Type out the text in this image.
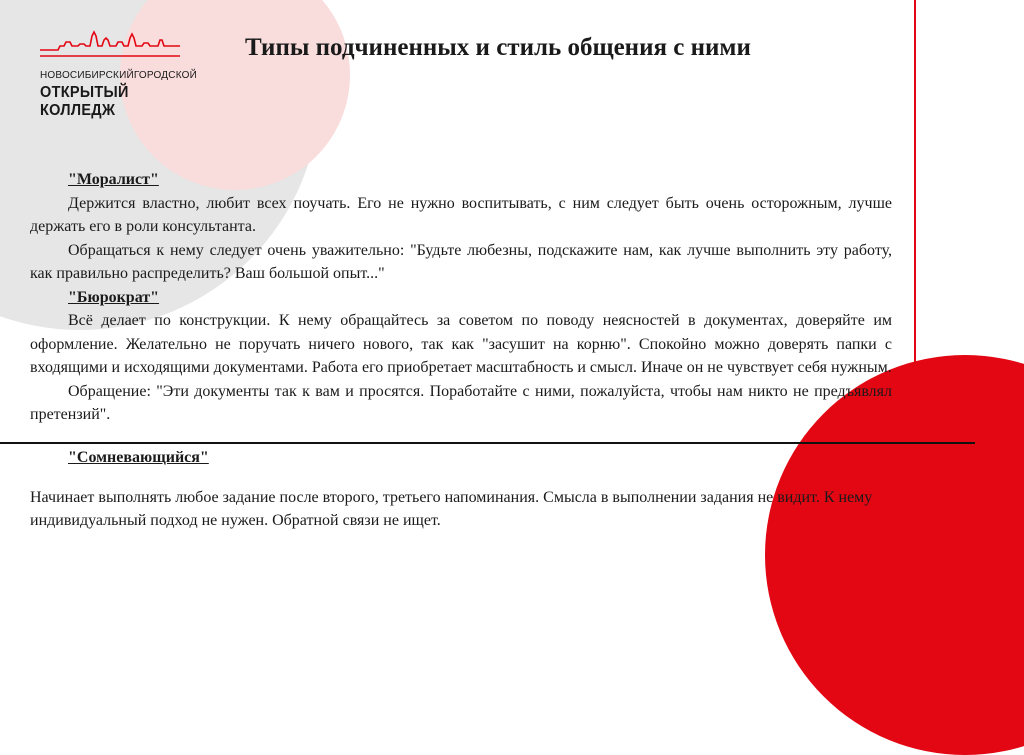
НОВОСИБИРСКИЙ ГОРОДСКОЙ
ОТКРЫТЫЙ КОЛЛЕДЖ
Типы подчиненных и стиль общения с ними

"Моралист"

Держится властно, любит всех поучать. Его не нужно воспитывать, с ним следует быть очень осторожным, лучше держать его в роли консультанта.

Обращаться к нему следует очень уважительно: "Будьте любезны, подскажите нам, как лучше выполнить эту работу, как правильно распределить? Ваш большой опыт..."

"Бюрократ"

Всё делает по конструкции. К нему обращайтесь за советом по поводу неясностей в документах, доверяйте им оформление. Желательно не поручать ничего нового, так как "засушит на корню". Спокойно можно доверять папки с входящими и исходящими документами. Работа его приобретает масштабность и смысл. Иначе он не чувствует себя нужным.

Обращение: "Эти документы так к вам и просятся. Поработайте с ними, пожалуйста, чтобы нам никто не предъявлял претензий".

"Сомневающийся"

Начинает выполнять любое задание после второго, третьего напоминания. Смысла в выполнении задания не видит. К нему индивидуальный подход не нужен. Обратной связи не ищет.
